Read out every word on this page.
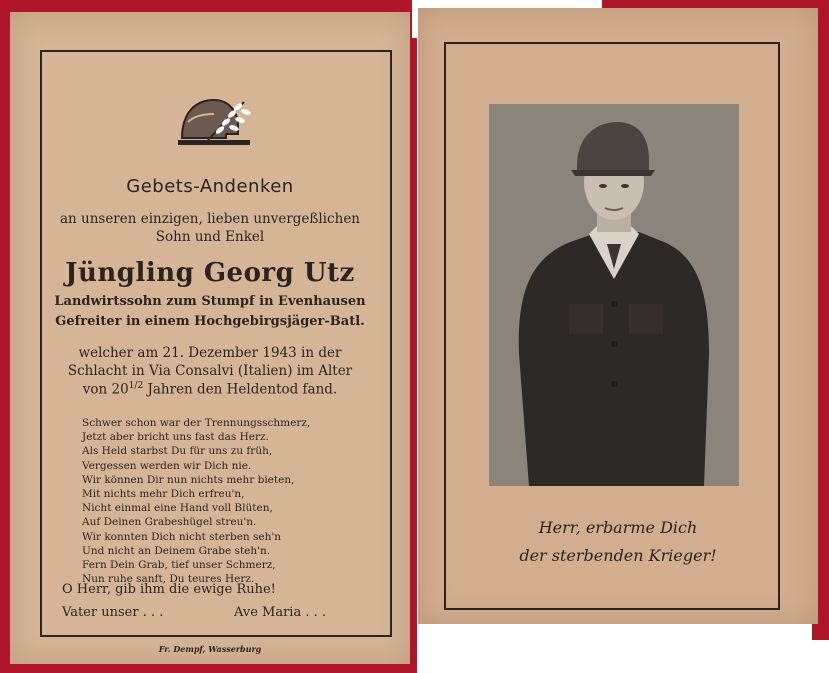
Gebets-Andenken
an unseren einzigen, lieben unvergeßlichen
Sohn und Enkel
Jüngling Georg Utz
Landwirtssohn zum Stumpf in Evenhausen
Gefreiter in einem Hochgebirgsjäger-Batl.
welcher am 21. Dezember 1943 in der
Schlacht in Via Consalvi (Italien) im Alter
von $20^{1/2}$ Jahren den Heldentod fand.
Schwer schon war der Trennungsschmerz,
Jetzt aber bricht uns fast das Herz.
Als Held starbst Du für uns zu früh,
Vergessen werden wir Dich nie.
Wir können Dir nun nichts mehr bieten,
Mit nichts mehr Dich erfreu'n,
Nicht einmal eine Hand voll Blüten,
Auf Deinen Grabeshügel streu'n.
Wir konnten Dich nicht sterben seh'n
Und nicht an Deinem Grabe steh'n.
Fern Dein Grab, tief unser Schmerz,
Nun ruhe sanft, Du teures Herz.
O Herr, gib ihm die ewige Ruhe!
Vater unser . . .	Ave Maria . . .
Fr. Dempf, Wasserburg
Herr, erbarme Dich
der sterbenden Krieger!
